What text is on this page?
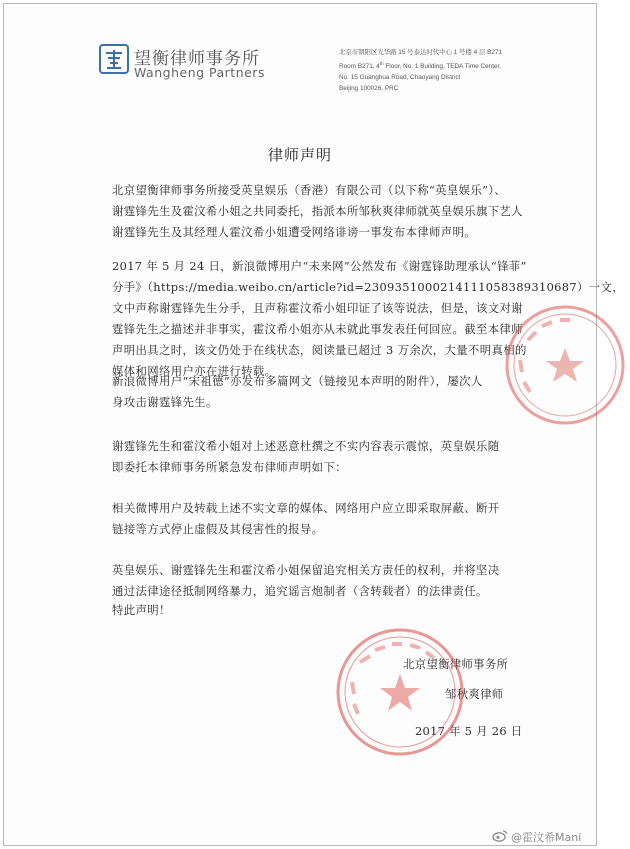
望衡律师事务所
Wangheng Partners
北京市朝阳区光华路 15 号泰达时代中心 1 号楼 4 层 B271
Room B271, 4th Floor, No. 1 Building, TEDA Time Center,
No. 15 Guanghua Road, Chaoyang District
Beijing 100026, PRC
律师声明
北京望衡律师事务所接受英皇娱乐（香港）有限公司（以下称“英皇娱乐”）、
谢霆锋先生及霍汶希小姐之共同委托，指派本所邹秋爽律师就英皇娱乐旗下艺人
谢霆锋先生及其经理人霍汶希小姐遭受网络诽谤一事发布本律师声明。
2017 年 5 月 24 日，新浪微博用户“未来网”公然发布《谢霆锋助理承认“锋菲”
分手》（https://media.weibo.cn/article?id=2309351000214111058389310687）一文，
文中声称谢霆锋先生分手，且声称霍汶希小姐印证了该等说法，但是，该文对谢
霆锋先生之描述并非事实，霍汶希小姐亦从未就此事发表任何回应。截至本律师
声明出具之时，该文仍处于在线状态，阅读量已超过 3 万余次，大量不明真相的
媒体和网络用户亦在进行转载。
新浪微博用户“宋祖德”亦发布多篇网文（链接见本声明的附件），屡次人
身攻击谢霆锋先生。
谢霆锋先生和霍汶希小姐对上述恶意杜撰之不实内容表示震惊，英皇娱乐随
即委托本律师事务所紧急发布律师声明如下：
相关微博用户及转载上述不实文章的媒体、网络用户应立即采取屏蔽、断开
链接等方式停止虚假及其侵害性的报导。
英皇娱乐、谢霆锋先生和霍汶希小姐保留追究相关方责任的权利，并将坚决
通过法律途径抵制网络暴力，追究谣言炮制者（含转载者）的法律责任。
特此声明！
北京望衡律师事务所
邹秋爽律师
2017 年 5 月 26 日
@霍汶希Mani
